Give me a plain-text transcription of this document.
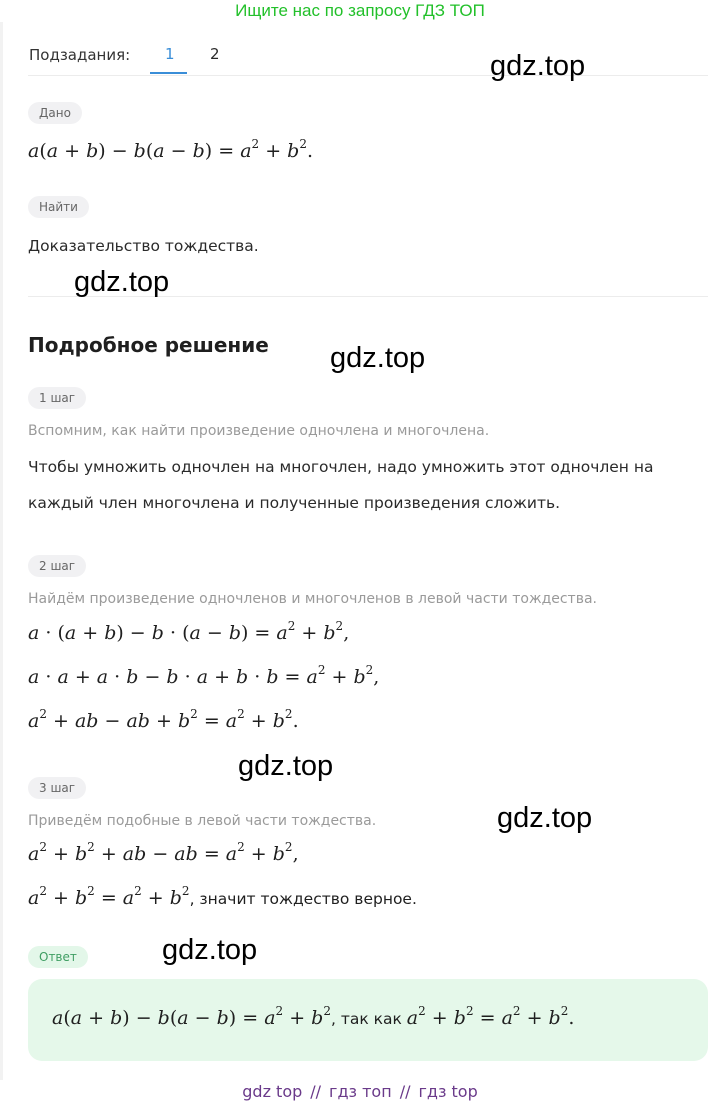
Ищите нас по запросу ГДЗ ТОП
Подзадания: 1 2
Дано
$a(a + b) - b(a - b) = a^2 + b^2$.
Найти
Доказательство тождества.
Подробное решение
1 шаг
Вспомним, как найти произведение одночлена и многочлена.
Чтобы умножить одночлен на многочлен, надо умножить этот одночлен на
каждый член многочлена и полученные произведения сложить.
2 шаг
Найдём произведение одночленов и многочленов в левой части тождества.
$a \cdot (a + b) - b \cdot (a - b) = a^2 + b^2$,
$a \cdot a + a \cdot b - b \cdot a + b \cdot b = a^2 + b^2$,
$a^2$ + ab − ab + $b^2 = a^2 + b^2$.
3 шаг
Приведём подобные в левой части тождества.
$a^2 + b^2$ + ab − ab = $a^2 + b^2$,
$a^2 + b^2 = a^2 + b^2$, значит тождество верное.
Ответ
$a(a + b) - b(a - b) = a^2 + b^2$, так как $a^2 + b^2 = a^2 + b^2$.
gdz.top
gdz.top
gdz.top
gdz.top
gdz.top
gdz.top
gdz top // гдз топ // гдз top
